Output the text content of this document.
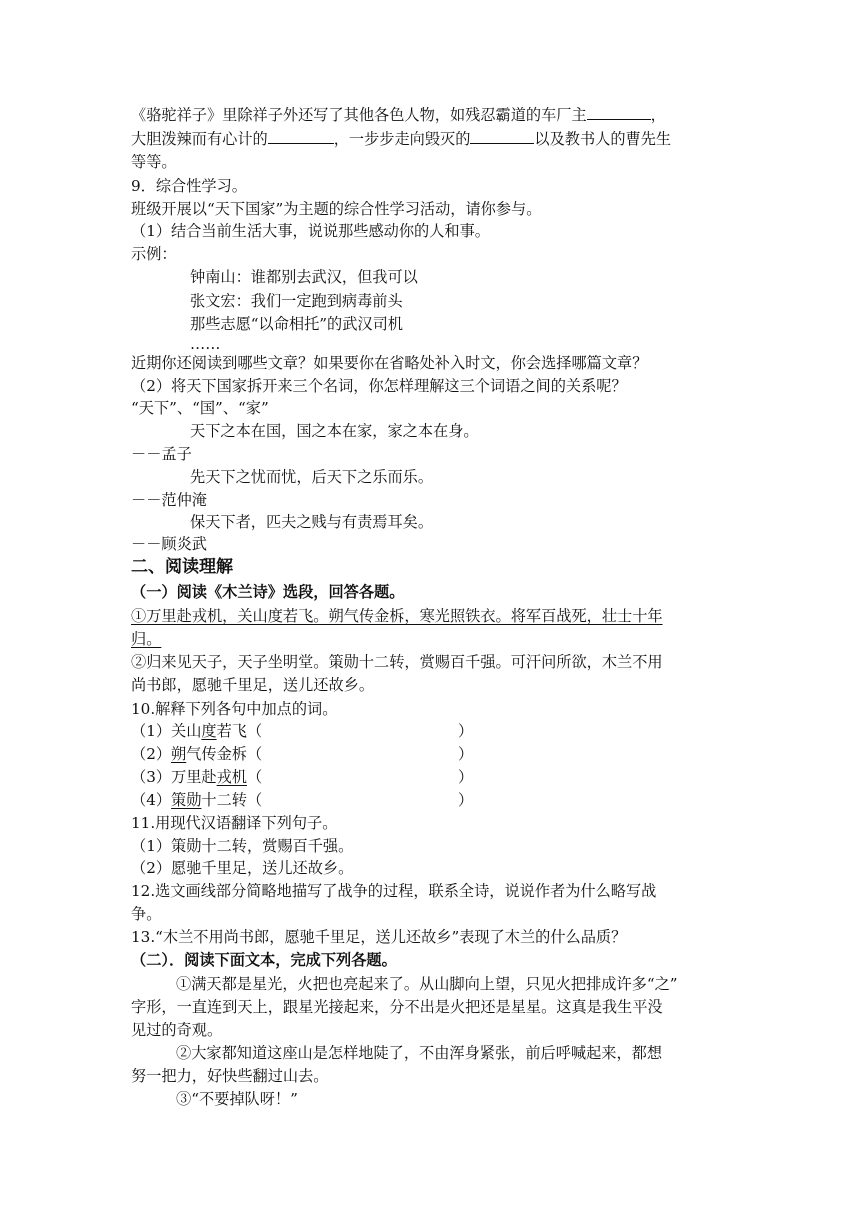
《骆驼祥子》里除祥子外还写了其他各色人物，如残忍霸道的车厂主	，
大胆泼辣而有心计的	，一步步走向毁灭的	以及教书人的曹先生
等等。
9．综合性学习。
班级开展以“天下国家”为主题的综合性学习活动，请你参与。
（1）结合当前生活大事，说说那些感动你的人和事。
示例：
钟南山：谁都别去武汉，但我可以
张文宏：我们一定跑到病毒前头
那些志愿“以命相托”的武汉司机
……
近期你还阅读到哪些文章？如果要你在省略处补入时文，你会选择哪篇文章？
（2）将天下国家拆开来三个名词，你怎样理解这三个词语之间的关系呢？
“天下”、“国”、“家”
天下之本在国，国之本在家，家之本在身。
－－孟子
先天下之忧而忧，后天下之乐而乐。
－－范仲淹
保天下者，匹夫之贱与有责焉耳矣。
－－顾炎武
二、阅读理解
（一）阅读《木兰诗》选段，回答各题。
①万里赴戎机，关山度若飞。朔气传金柝，寒光照铁衣。将军百战死，壮士十年
归。
②归来见天子，天子坐明堂。策勋十二转，赏赐百千强。可汗问所欲，木兰不用
尚书郎，愿驰千里足，送儿还故乡。
10.解释下列各句中加点的词。
（1）关山度若飞（	）
（2）朔气传金柝（	）
（3）万里赴戎机（	）
（4）策勋十二转（	）
11.用现代汉语翻译下列句子。
（1）策勋十二转，赏赐百千强。
（2）愿驰千里足，送儿还故乡。
12.选文画线部分简略地描写了战争的过程，联系全诗，说说作者为什么略写战
争。
13.“木兰不用尚书郎，愿驰千里足，送儿还故乡”表现了木兰的什么品质？
（二）．阅读下面文本，完成下列各题。
①满天都是星光，火把也亮起来了。从山脚向上望，只见火把排成许多“之”
字形，一直连到天上，跟星光接起来，分不出是火把还是星星。这真是我生平没
见过的奇观。
②大家都知道这座山是怎样地陡了，不由浑身紧张，前后呼喊起来，都想
努一把力，好快些翻过山去。
③“不要掉队呀！”
